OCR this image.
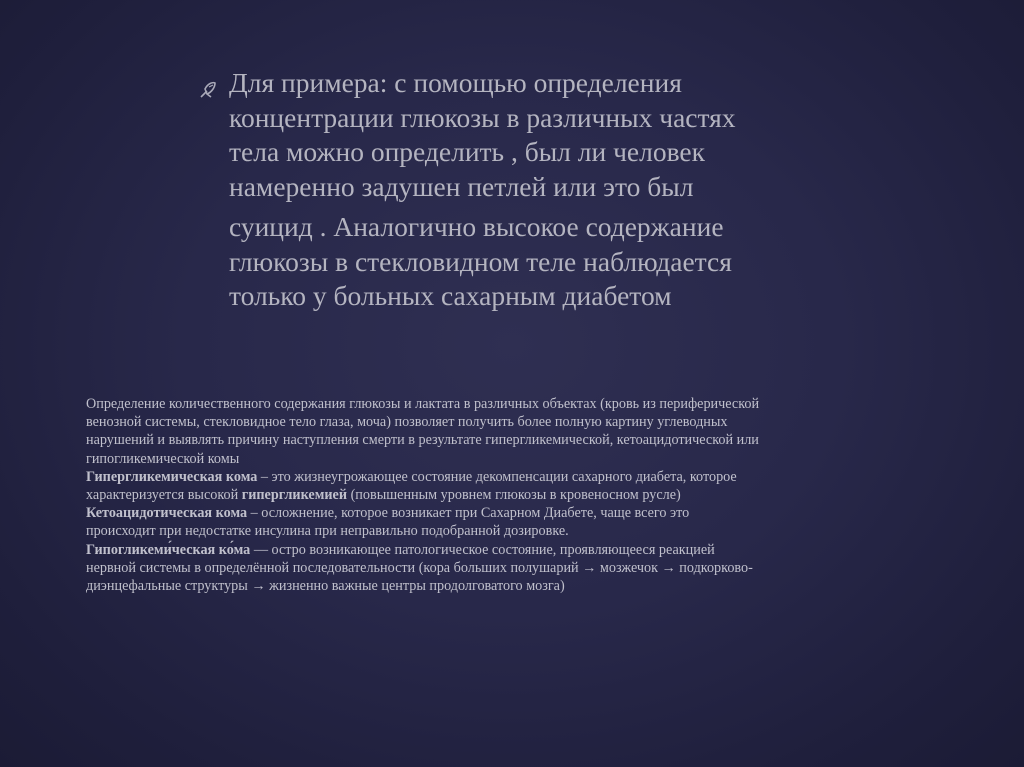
Для примера: с помощью определения
концентрации глюкозы в различных частях
тела можно определить , был ли человек
намеренно задушен петлей или это был
суицид . Аналогично высокое содержание
глюкозы в стекловидном теле наблюдается
только у больных сахарным диабетом
Определение количественного содержания глюкозы и лактата в различных объектах (кровь из периферической
венозной системы, стекловидное тело глаза, моча) позволяет получить более полную картину углеводных
нарушений и выявлять причину наступления смерти в результате гипергликемической, кетоацидотической или
гипогликемической комы
Гипергликемическая кома – это жизнеугрожающее состояние декомпенсации сахарного диабета, которое
характеризуется высокой гипергликемией (повышенным уровнем глюкозы в кровеносном русле)
Кетоацидотическая кома – осложнение, которое возникает при Сахарном Диабете, чаще всего это
происходит при недостатке инсулина при неправильно подобранной дозировке.
Гипогликеми́ческая ко́ма — остро возникающее патологическое состояние, проявляющееся реакцией
нервной системы в определённой последовательности (кора больших полушарий → мозжечок → подкорково-
диэнцефальные структуры → жизненно важные центры продолговатого мозга)
